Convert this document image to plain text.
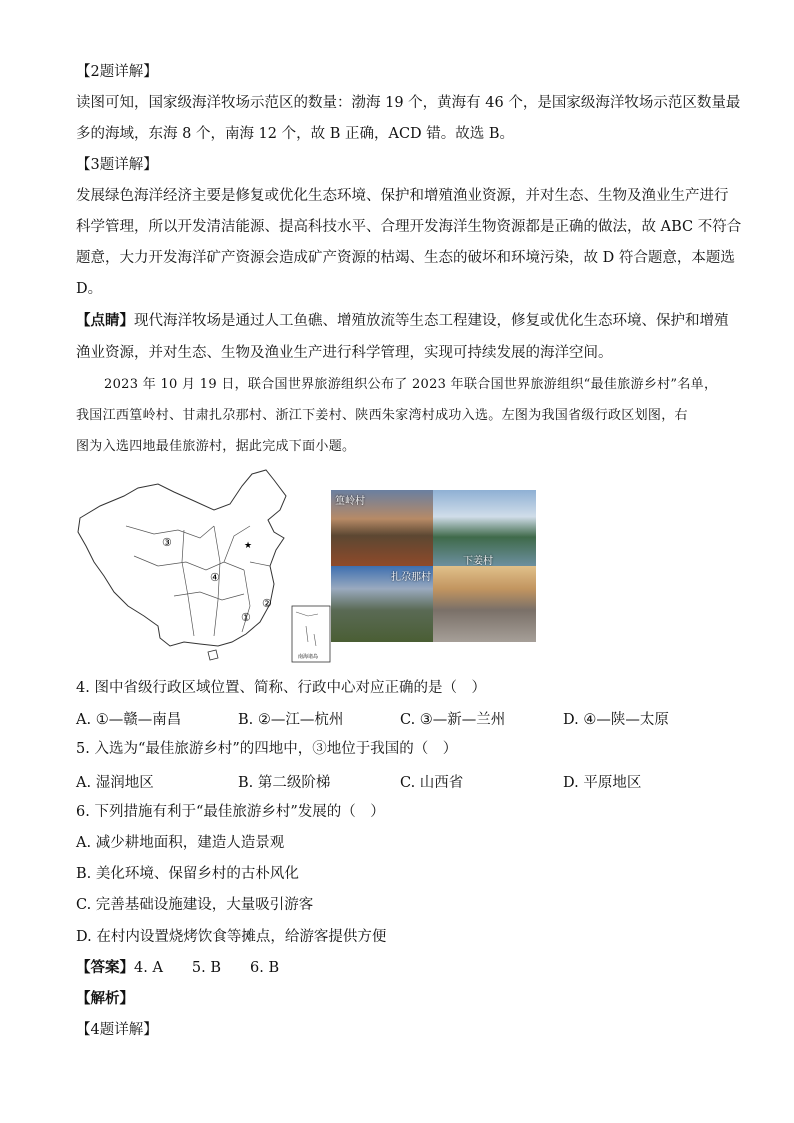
【2题详解】
读图可知，国家级海洋牧场示范区的数量：渤海 19 个，黄海有 46 个，是国家级海洋牧场示范区数量最
多的海域，东海 8 个，南海 12 个，故 B 正确，ACD 错。故选 B。
【3题详解】
发展绿色海洋经济主要是修复或优化生态环境、保护和增殖渔业资源，并对生态、生物及渔业生产进行
科学管理，所以开发清洁能源、提高科技水平、合理开发海洋生物资源都是正确的做法，故 ABC 不符合
题意，大力开发海洋矿产资源会造成矿产资源的枯竭、生态的破坏和环境污染，故 D 符合题意，本题选
D。
【点睛】现代海洋牧场是通过人工鱼礁、增殖放流等生态工程建设，修复或优化生态环境、保护和增殖
渔业资源，并对生态、生物及渔业生产进行科学管理，实现可持续发展的海洋空间。
2023 年 10 月 19 日，联合国世界旅游组织公布了 2023 年联合国世界旅游组织“最佳旅游乡村”名单，
我国江西篁岭村、甘肃扎尕那村、浙江下姜村、陕西朱家湾村成功入选。左图为我国省级行政区划图，右
图为入选四地最佳旅游村，据此完成下面小题。
①
②
③
④
★
南海诸岛
篁岭村
下姜村
扎尕那村
4. 图中省级行政区域位置、简称、行政中心对应正确的是（　）
A. ①—赣—南昌	B. ②—江—杭州	C. ③—新—兰州	D. ④—陕—太原
5. 入选为“最佳旅游乡村”的四地中，③地位于我国的（　）
A. 湿润地区	B. 第二级阶梯	C. 山西省	D. 平原地区
6. 下列措施有利于“最佳旅游乡村”发展的（　）
A. 减少耕地面积，建造人造景观
B. 美化环境、保留乡村的古朴风化
C. 完善基础设施建设，大量吸引游客
D. 在村内设置烧烤饮食等摊点，给游客提供方便
【答案】4. A　　5. B　　6. B
【解析】
【4题详解】
